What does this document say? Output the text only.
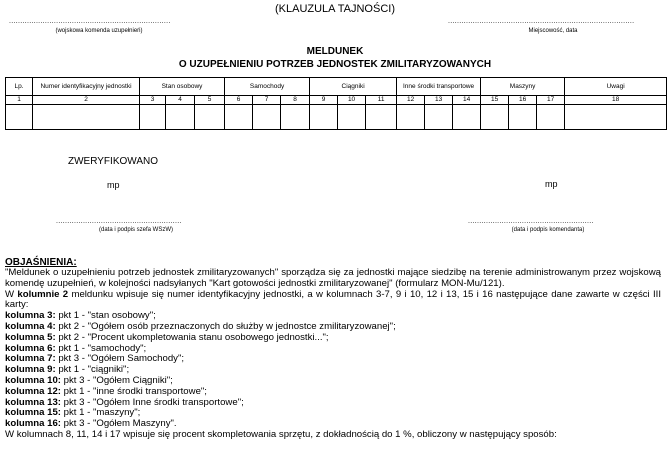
(KLAUZULA TAJNOŚCI)
........................................................................
(wojskowa komenda uzupełnień)
...................................................................................
Miejscowość, data
MELDUNEK
O UZUPEŁNIENIU POTRZEB JEDNOSTEK ZMILITARYZOWANYCH
Lp.	Numer identyfikacyjny jednostki	Stan osobowy			Samochody			Ciągniki			Inne środki transportowe			Maszyny			Uwagi
1	2	3	4	5	6	7	8	9	10	11	12	13	14	15	16	17	18

ZWERYFIKOWANO
mp	mp
........................................................
(data i podpis szefa WSzW)
........................................................
(data i podpis komendanta)
OBJAŚNIENIA:

"Meldunek o uzupełnieniu potrzeb jednostek zmilitaryzowanych" sporządza się za jednostki mające siedzibę na terenie administrowanym przez wojskową komendę uzupełnień, w kolejności nadsyłanych "Kart gotowości jednostki zmilitaryzowanej" (formularz MON-Mu/121).

W kolumnie 2 meldunku wpisuje się numer identyfikacyjny jednostki, a w kolumnach 3-7, 9 i 10, 12 i 13, 15 i 16 następujące dane zawarte w części III karty:

kolumna 3: pkt 1 - "stan osobowy";

kolumna 4: pkt 2 - "Ogółem osób przeznaczonych do służby w jednostce zmilitaryzowanej";

kolumna 5: pkt 2 - "Procent ukompletowania stanu osobowego jednostki...";

kolumna 6: pkt 1 - "samochody";

kolumna 7: pkt 3 - "Ogółem Samochody";

kolumna 9: pkt 1 - "ciągniki";

kolumna 10: pkt 3 - "Ogółem Ciągniki";

kolumna 12: pkt 1 - "inne środki transportowe";

kolumna 13: pkt 3 - "Ogółem Inne środki transportowe";

kolumna 15: pkt 1 - "maszyny";

kolumna 16: pkt 3 - "Ogółem Maszyny".

W kolumnach 8, 11, 14 i 17 wpisuje się procent skompletowania sprzętu, z dokładnością do 1 %, obliczony w następujący sposób:
